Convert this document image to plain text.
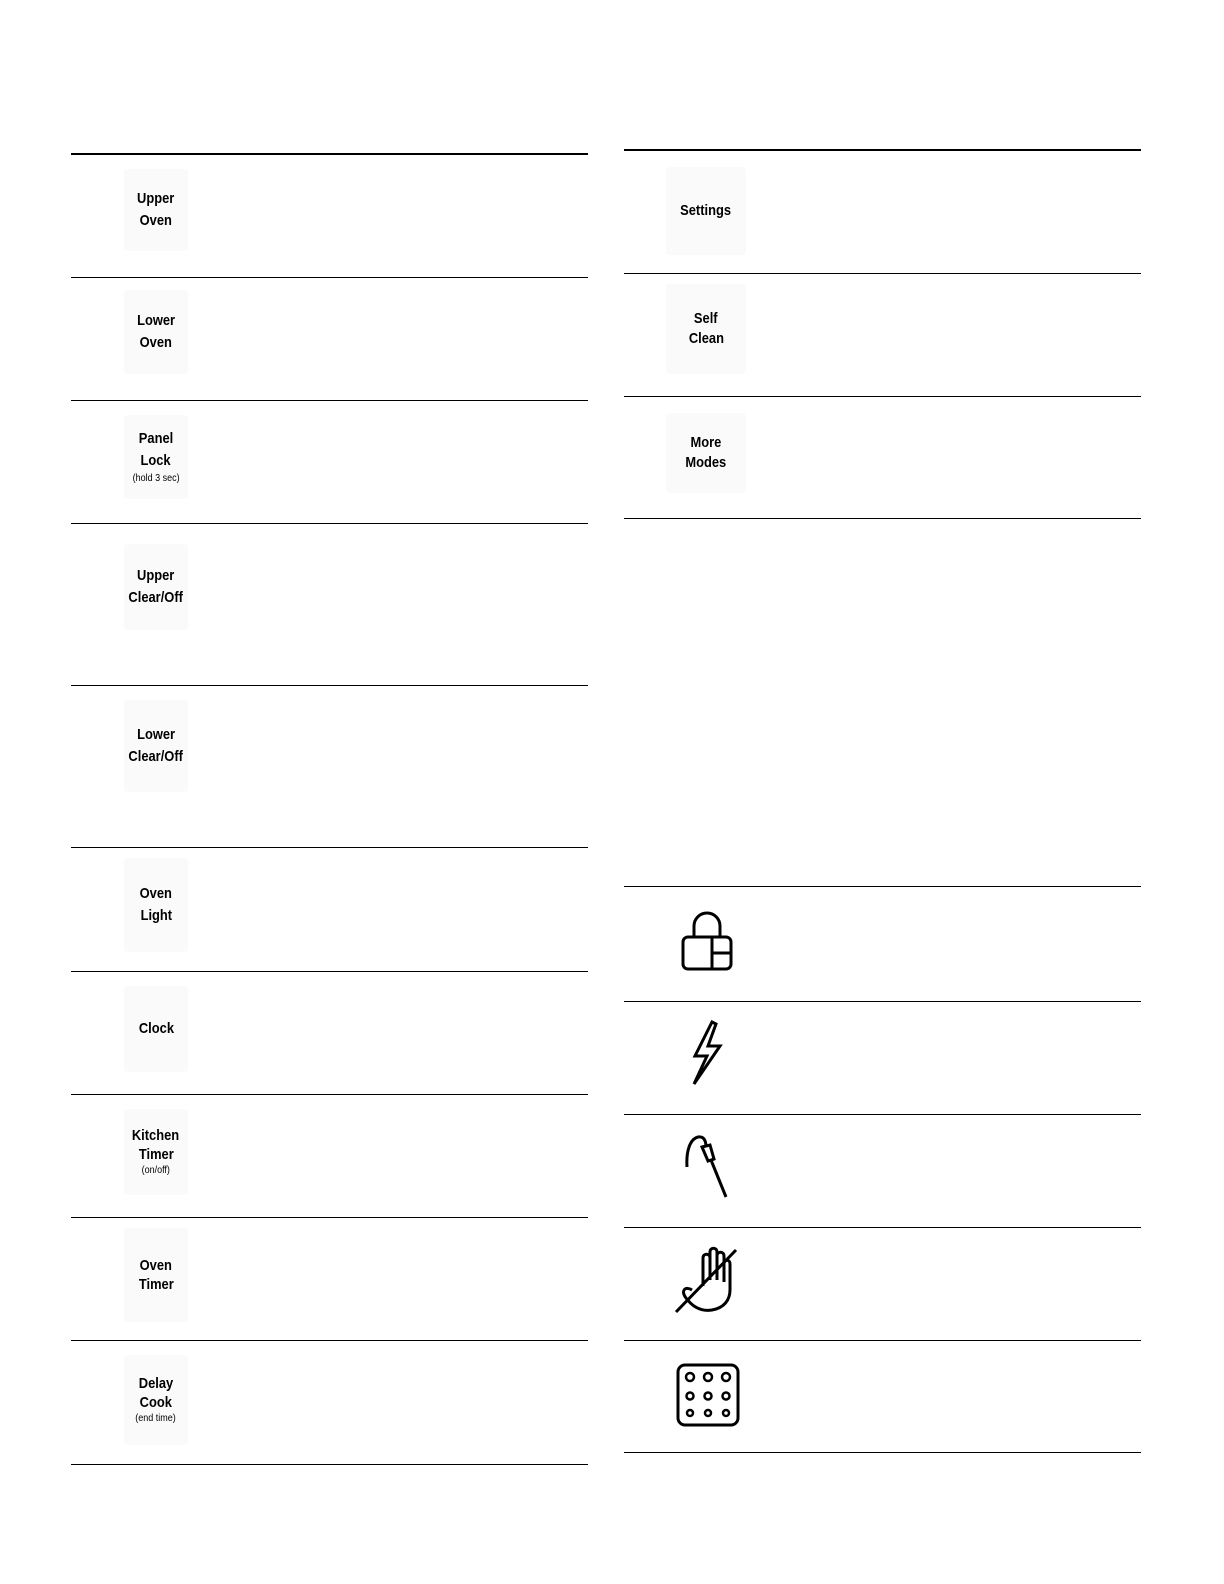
Upper
Oven
Lower
Oven
Panel
Lock
(hold 3 sec)
Upper
Clear/Off
Lower
Clear/Off
Oven
Light
Clock
Kitchen
Timer
(on/off)
Oven
Timer
Delay
Cook
(end time)
Settings
Self
Clean
More
Modes
